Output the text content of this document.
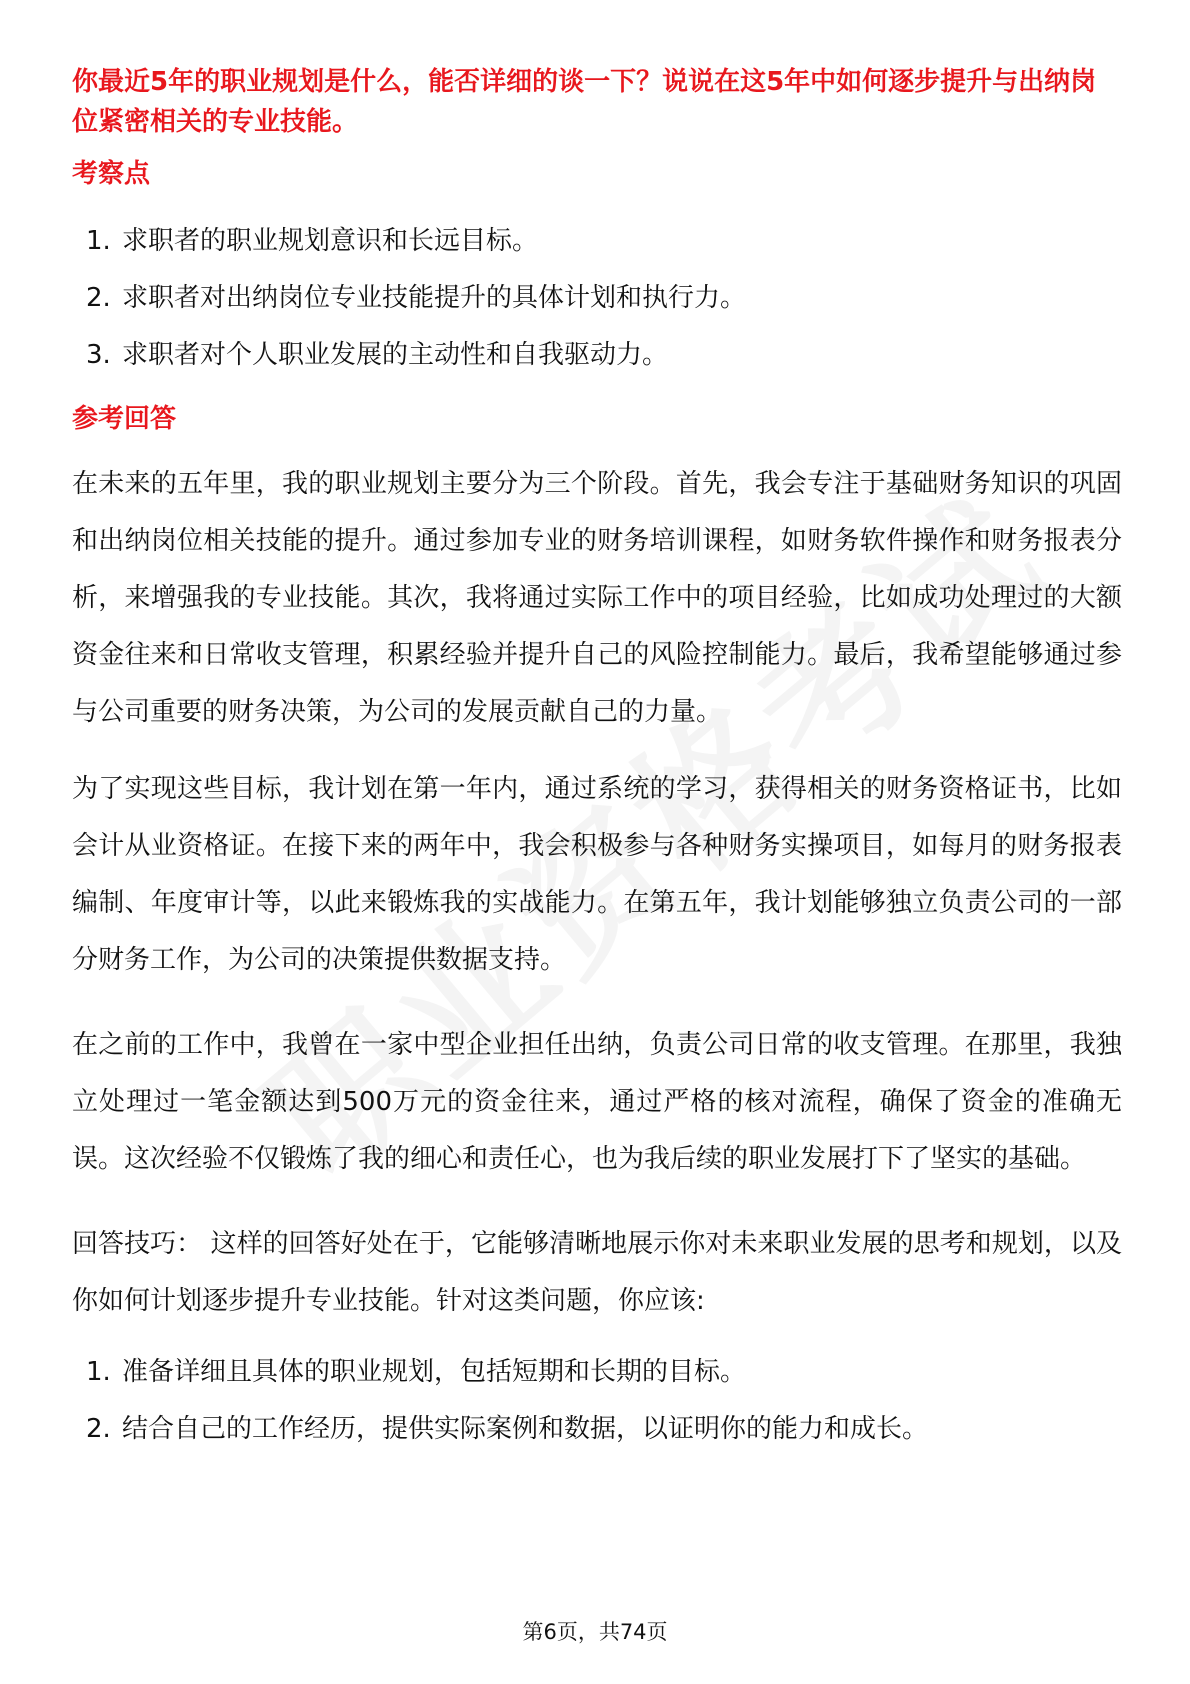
你最近5年的职业规划是什么，能否详细的谈一下？说说在这5年中如何逐步提升与出纳岗位紧密相关的专业技能。

考察点
1. 求职者的职业规划意识和长远目标。
2. 求职者对出纳岗位专业技能提升的具体计划和执行力。
3. 求职者对个人职业发展的主动性和自我驱动力。
参考回答

在未来的五年里，我的职业规划主要分为三个阶段。首先，我会专注于基础财务知识的巩固和出纳岗位相关技能的提升。通过参加专业的财务培训课程，如财务软件操作和财务报表分析，来增强我的专业技能。其次，我将通过实际工作中的项目经验，比如成功处理过的大额资金往来和日常收支管理，积累经验并提升自己的风险控制能力。最后，我希望能够通过参与公司重要的财务决策，为公司的发展贡献自己的力量。

为了实现这些目标，我计划在第一年内，通过系统的学习，获得相关的财务资格证书，比如会计从业资格证。在接下来的两年中，我会积极参与各种财务实操项目，如每月的财务报表编制、年度审计等，以此来锻炼我的实战能力。在第五年，我计划能够独立负责公司的一部分财务工作，为公司的决策提供数据支持。

在之前的工作中，我曾在一家中型企业担任出纳，负责公司日常的收支管理。在那里，我独立处理过一笔金额达到500万元的资金往来，通过严格的核对流程，确保了资金的准确无误。这次经验不仅锻炼了我的细心和责任心，也为我后续的职业发展打下了坚实的基础。

回答技巧： 这样的回答好处在于，它能够清晰地展示你对未来职业发展的思考和规划，以及你如何计划逐步提升专业技能。针对这类问题，你应该:

1. 准备详细且具体的职业规划，包括短期和长期的目标。
2. 结合自己的工作经历，提供实际案例和数据，以证明你的能力和成长。
第6页，共74页
